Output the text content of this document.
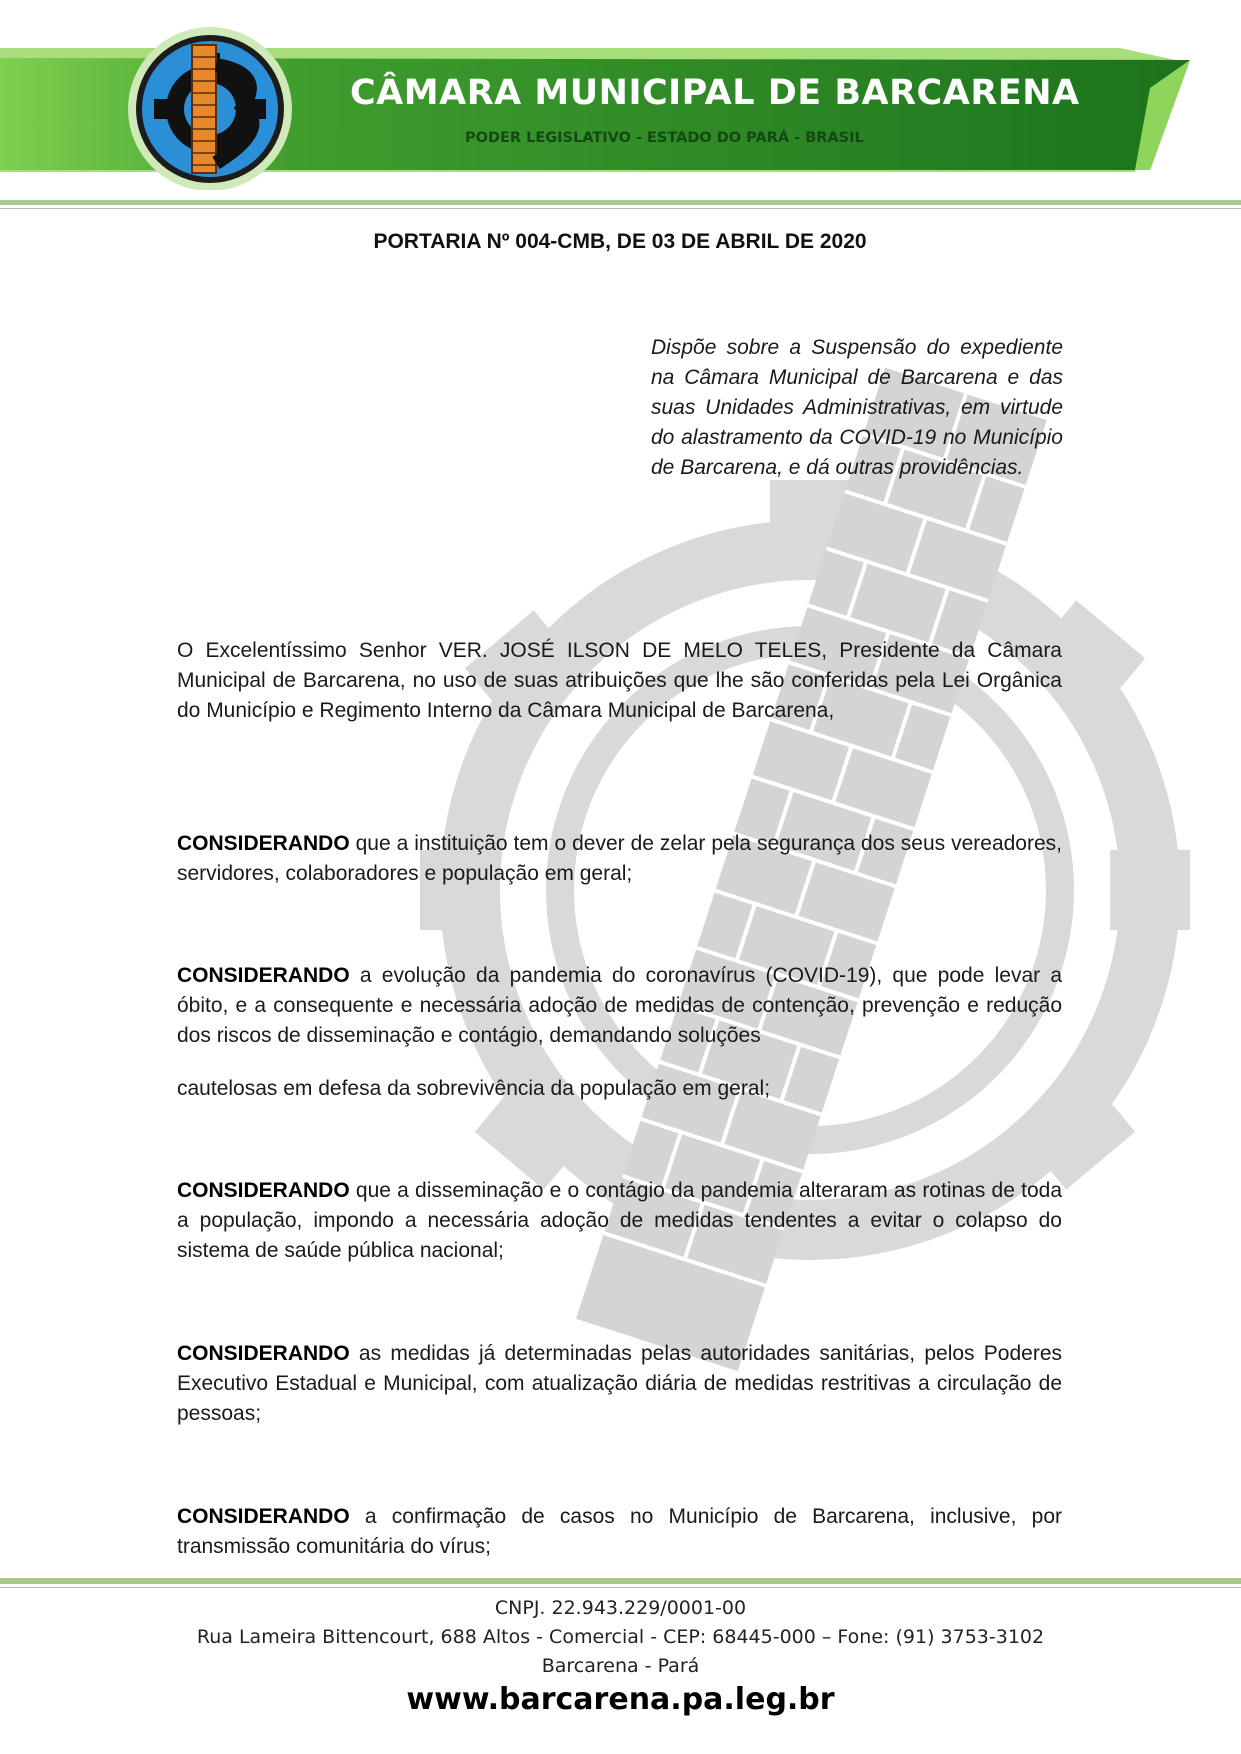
CÂMARA MUNICIPAL DE BARCARENA
PODER LEGISLATIVO - ESTADO DO PARÁ - BRASIL
PORTARIA Nº 004-CMB, DE 03 DE ABRIL DE 2020
Dispõe sobre a Suspensão do expediente na Câmara Municipal de Barcarena e das suas Unidades Administrativas, em virtude do alastramento da COVID-19 no Município de Barcarena, e dá outras providências.
O Excelentíssimo Senhor VER. JOSÉ ILSON DE MELO TELES, Presidente da Câmara Municipal de Barcarena, no uso de suas atribuições que lhe são conferidas pela Lei Orgânica do Município e Regimento Interno da Câmara Municipal de Barcarena,
CONSIDERANDO que a instituição tem o dever de zelar pela segurança dos seus vereadores, servidores, colaboradores e população em geral;
CONSIDERANDO a evolução da pandemia do coronavírus (COVID-19), que pode levar a óbito, e a consequente e necessária adoção de medidas de contenção, prevenção e redução dos riscos de disseminação e contágio, demandando soluções
cautelosas em defesa da sobrevivência da população em geral;
CONSIDERANDO que a disseminação e o contágio da pandemia alteraram as rotinas de toda a população, impondo a necessária adoção de medidas tendentes a evitar o colapso do sistema de saúde pública nacional;
CONSIDERANDO as medidas já determinadas pelas autoridades sanitárias, pelos Poderes Executivo Estadual e Municipal, com atualização diária de medidas restritivas a circulação de pessoas;
CONSIDERANDO a confirmação de casos no Município de Barcarena, inclusive, por transmissão comunitária do vírus;
CNPJ. 22.943.229/0001-00
Rua Lameira Bittencourt, 688 Altos - Comercial - CEP: 68445-000 – Fone: (91) 3753-3102
Barcarena - Pará
www.barcarena.pa.leg.br
